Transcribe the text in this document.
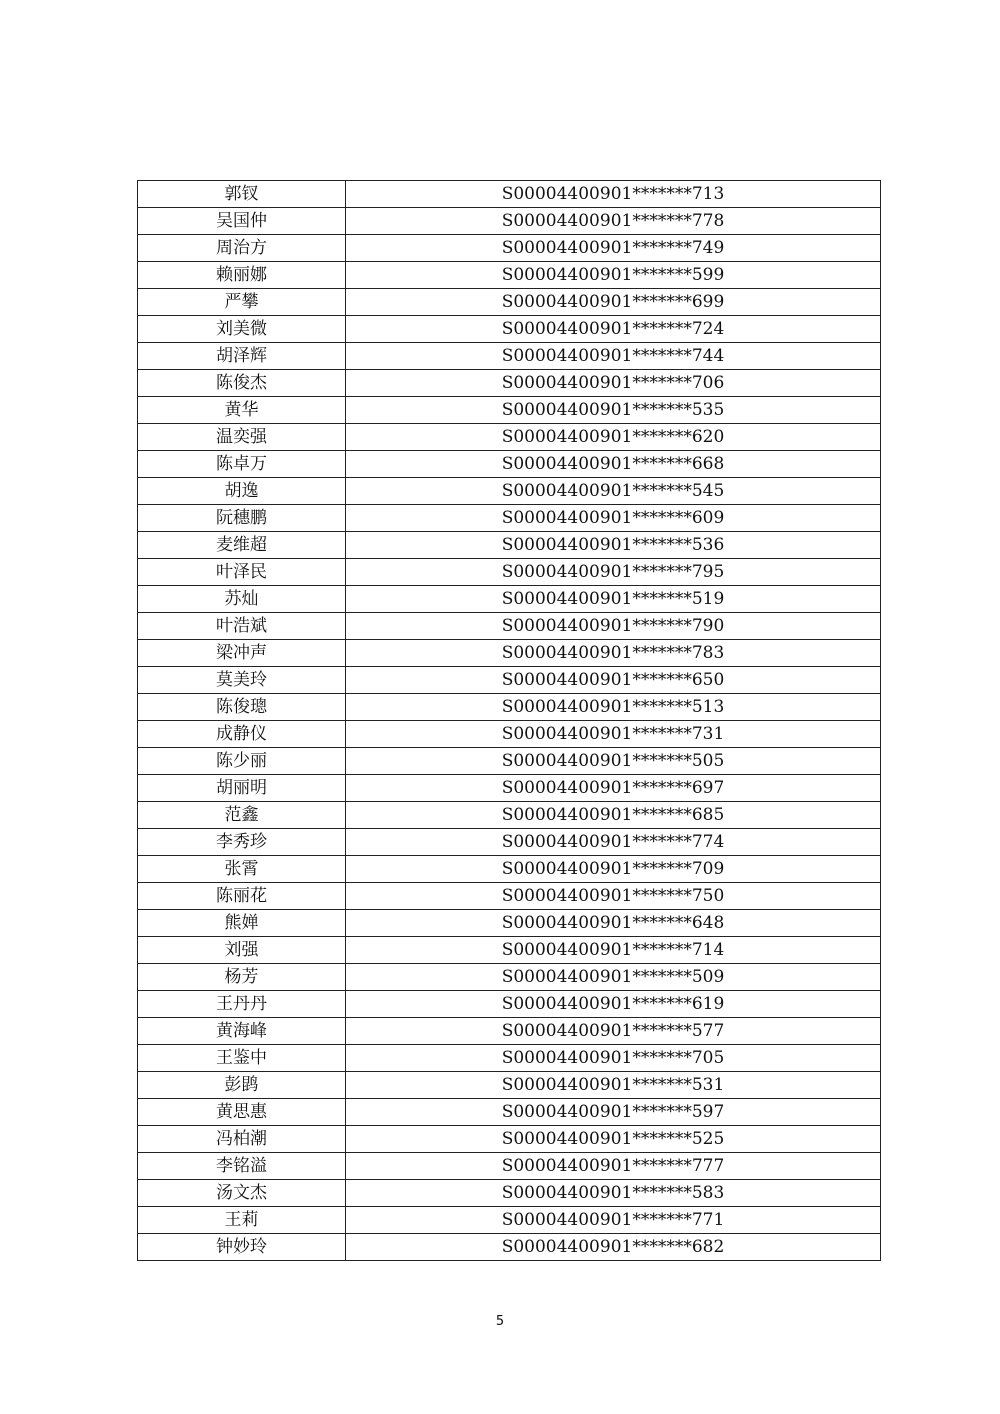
郭钗	S00004400901*******713
吴国仲	S00004400901*******778
周治方	S00004400901*******749
赖丽娜	S00004400901*******599
严攀	S00004400901*******699
刘美微	S00004400901*******724
胡泽辉	S00004400901*******744
陈俊杰	S00004400901*******706
黄华	S00004400901*******535
温奕强	S00004400901*******620
陈卓万	S00004400901*******668
胡逸	S00004400901*******545
阮穗鹏	S00004400901*******609
麦维超	S00004400901*******536
叶泽民	S00004400901*******795
苏灿	S00004400901*******519
叶浩斌	S00004400901*******790
梁冲声	S00004400901*******783
莫美玲	S00004400901*******650
陈俊璁	S00004400901*******513
成静仪	S00004400901*******731
陈少丽	S00004400901*******505
胡丽明	S00004400901*******697
范鑫	S00004400901*******685
李秀珍	S00004400901*******774
张霄	S00004400901*******709
陈丽花	S00004400901*******750
熊婵	S00004400901*******648
刘强	S00004400901*******714
杨芳	S00004400901*******509
王丹丹	S00004400901*******619
黄海峰	S00004400901*******577
王鉴中	S00004400901*******705
彭鹍	S00004400901*******531
黄思惠	S00004400901*******597
冯柏潮	S00004400901*******525
李铭溢	S00004400901*******777
汤文杰	S00004400901*******583
王莉	S00004400901*******771
钟妙玲	S00004400901*******682
5
